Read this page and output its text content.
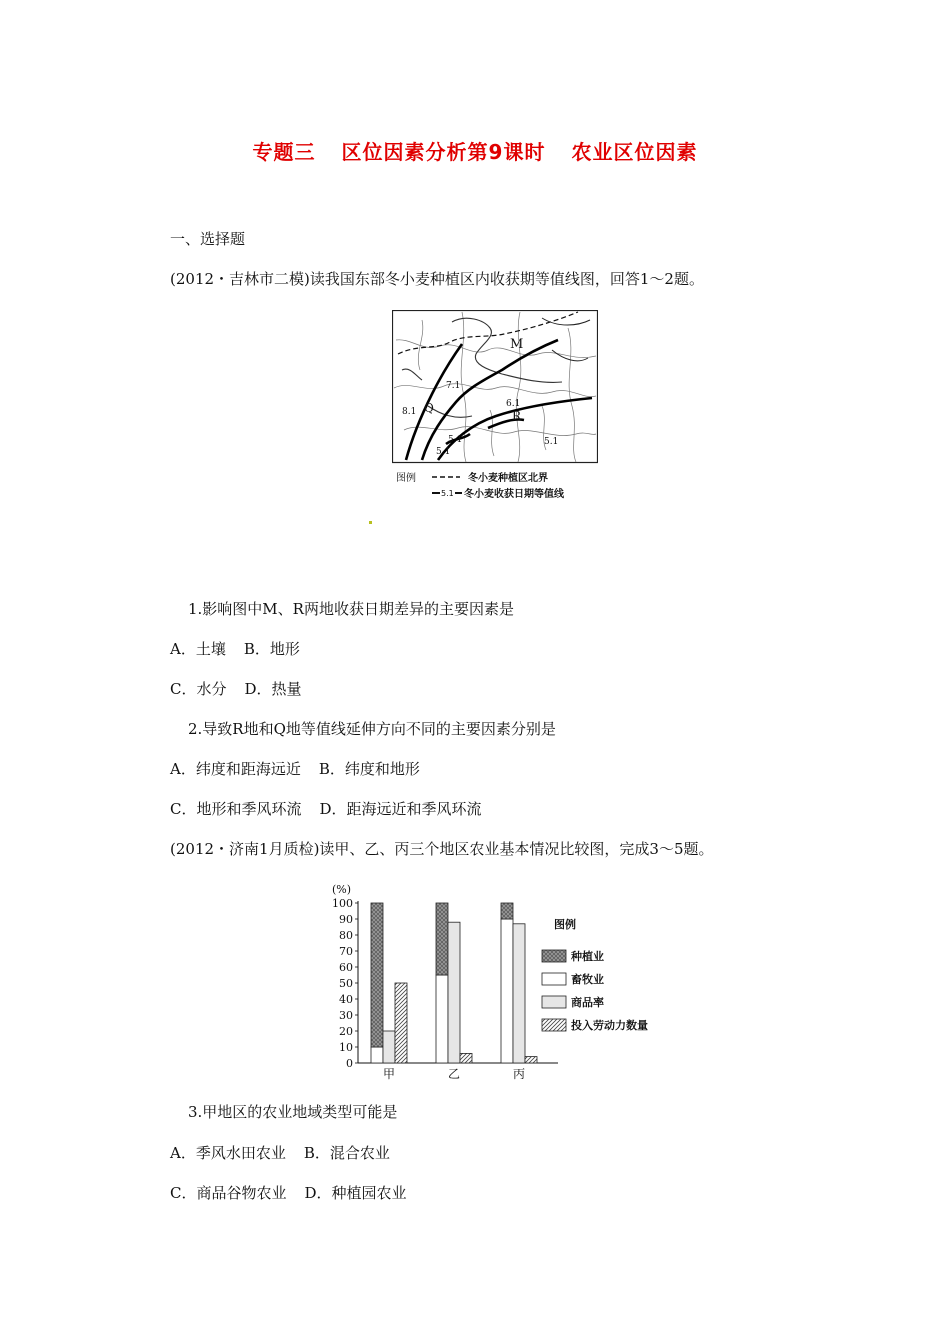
专题三 区位因素分析第9课时 农业区位因素
一、选择题
(2012・吉林市二模)读我国东部冬小麦种植区内收获期等值线图，回答1～2题。
M
Q
R
7.1
8.1
6.1
5.1
5.1
5.1
图例	冬小麦种植区北界
5.1 冬小麦收获日期等值线
1.影响图中M、R两地收获日期差异的主要因素是
A．土壤 B．地形
C．水分 D．热量
2.导致R地和Q地等值线延伸方向不同的主要因素分别是
A．纬度和距海远近 B．纬度和地形
C．地形和季风环流 D．距海远近和季风环流
(2012・济南1月质检)读甲、乙、丙三个地区农业基本情况比较图，完成3～5题。
(%)
0
10
20
30
40
50
60
70
80
90
100
甲	乙	丙
图例
种植业
畜牧业
商品率
投入劳动力数量
3.甲地区的农业地域类型可能是
A．季风水田农业 B．混合农业
C．商品谷物农业 D．种植园农业
